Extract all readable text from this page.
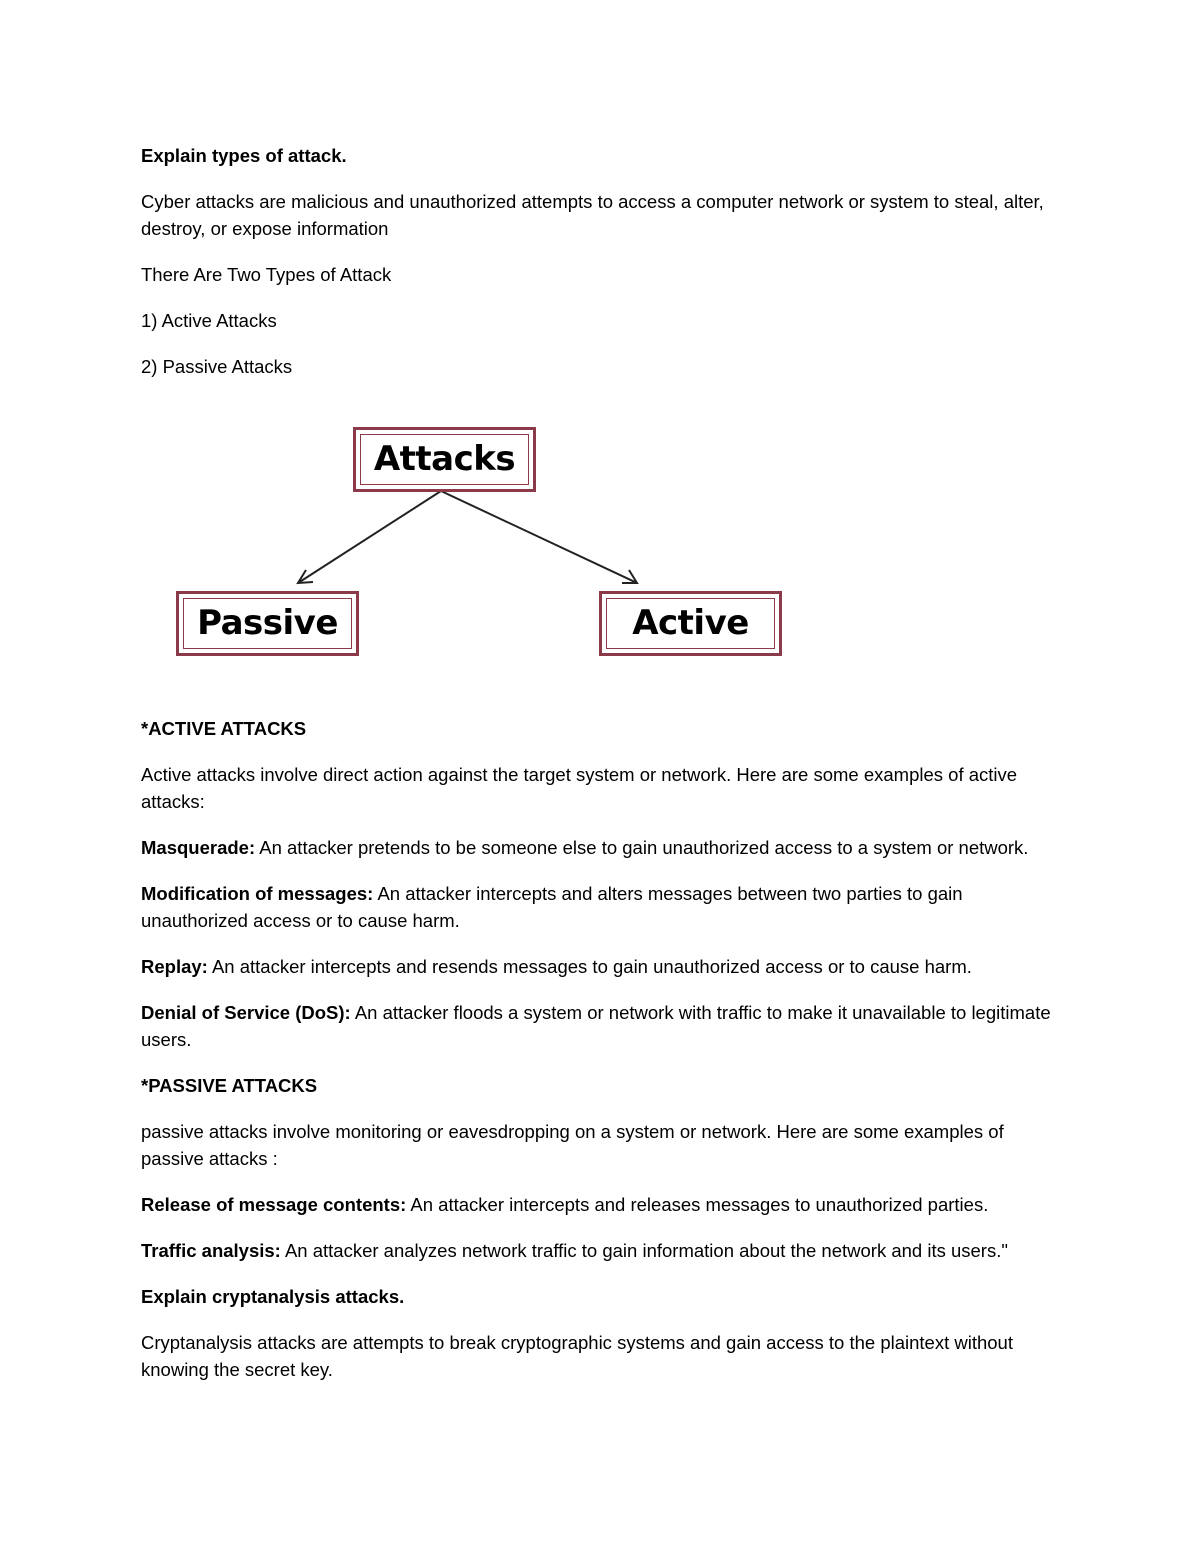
Explain types of attack.

Cyber attacks are malicious and unauthorized attempts to access a computer network or system to steal, alter, destroy, or expose information

There Are Two Types of Attack

1) Active Attacks

2) Passive Attacks

Attacks
Passive	Active

*ACTIVE ATTACKS

Active attacks involve direct action against the target system or network. Here are some examples of active attacks:

Masquerade: An attacker pretends to be someone else to gain unauthorized access to a system or network.

Modification of messages: An attacker intercepts and alters messages between two parties to gain unauthorized access or to cause harm.

Replay: An attacker intercepts and resends messages to gain unauthorized access or to cause harm.

Denial of Service (DoS): An attacker floods a system or network with traffic to make it unavailable to legitimate users.

*PASSIVE ATTACKS

passive attacks involve monitoring or eavesdropping on a system or network. Here are some examples of passive attacks :

Release of message contents: An attacker intercepts and releases messages to unauthorized parties.

Traffic analysis: An attacker analyzes network traffic to gain information about the network and its users."

Explain cryptanalysis attacks.

Cryptanalysis attacks are attempts to break cryptographic systems and gain access to the plaintext without knowing the secret key.
